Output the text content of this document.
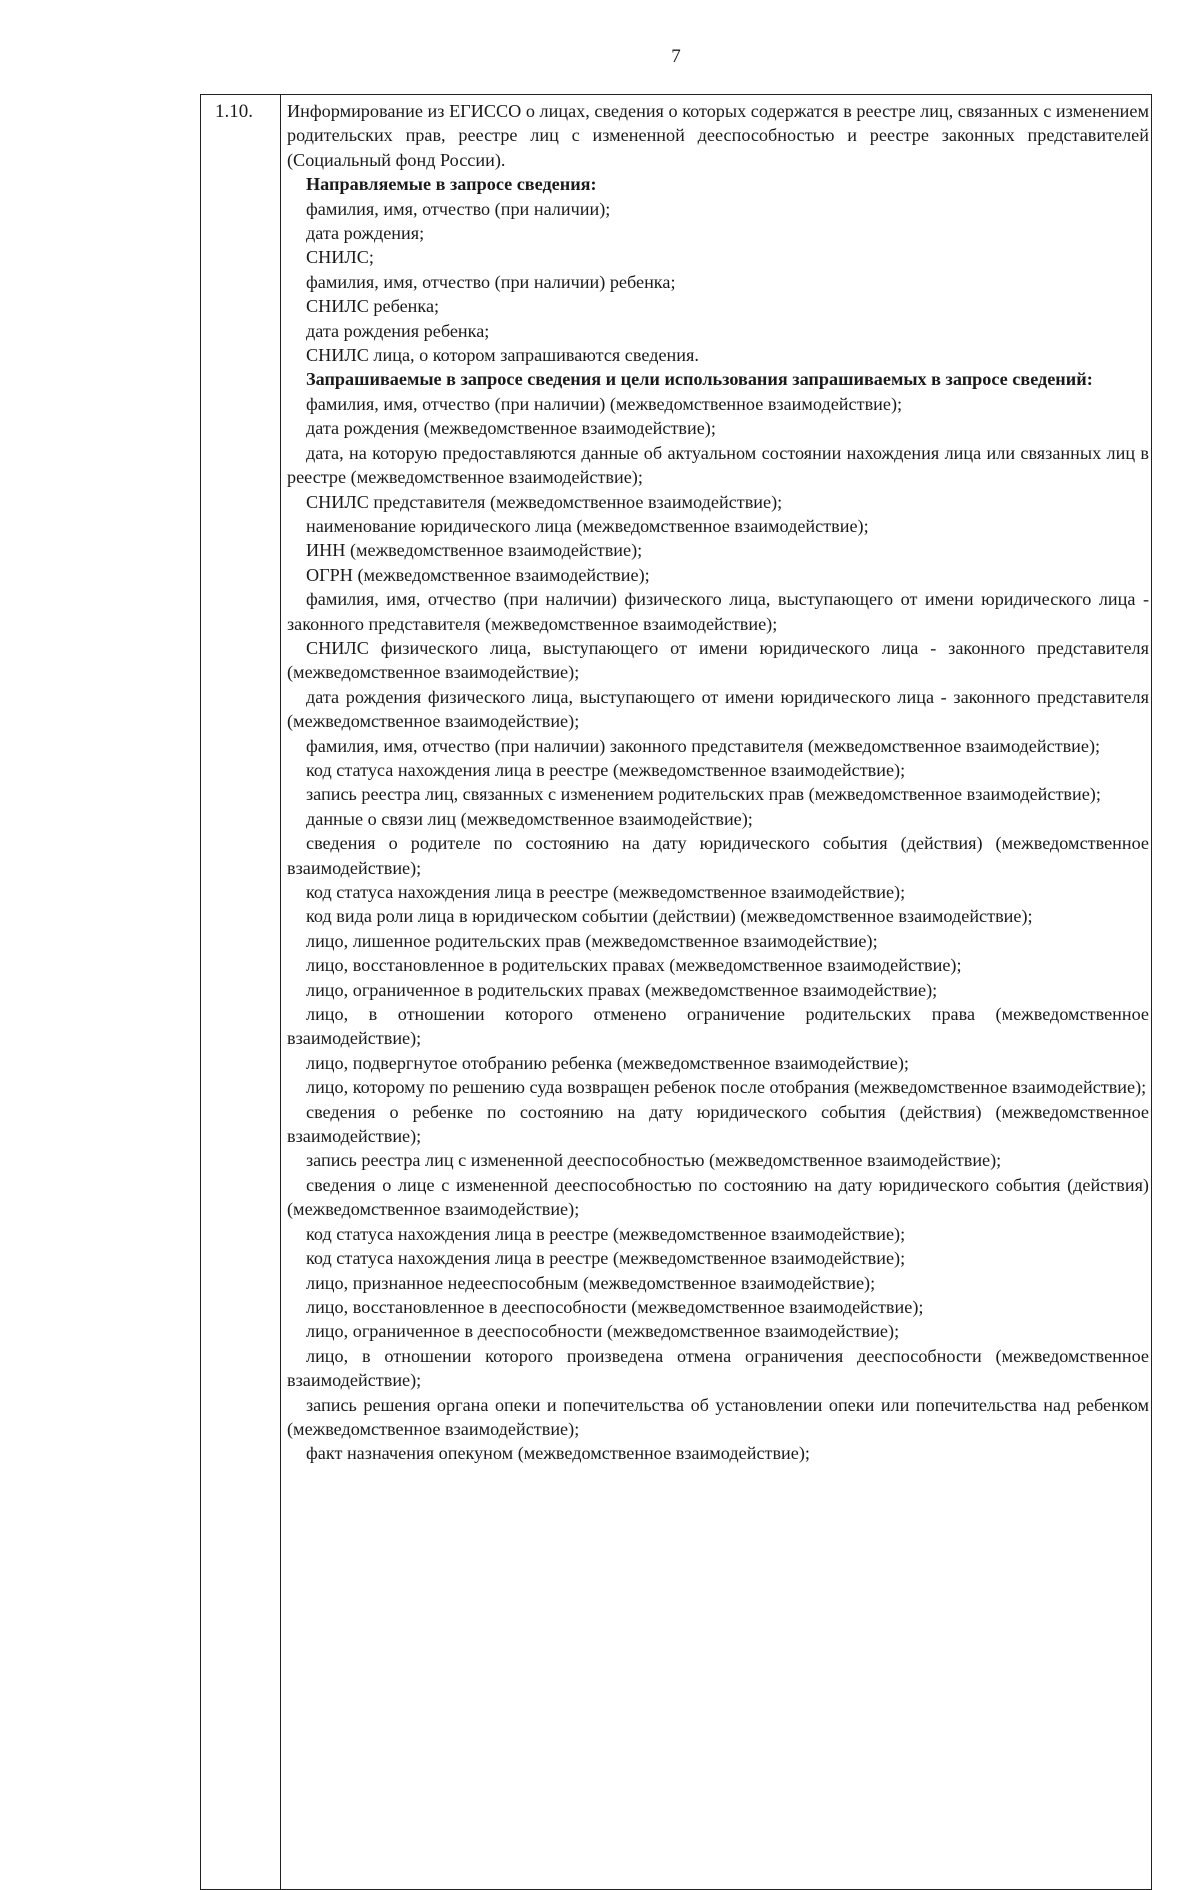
7
1.10. Информирование из ЕГИССО о лицах, сведения о которых содержатся в реестре лиц, связанных с изменением родительских прав, реестре лиц с измененной дееспособностью и реестре законных представителей (Социальный фонд России).

Направляемые в запросе сведения:

фамилия, имя, отчество (при наличии);

дата рождения;

СНИЛС;

фамилия, имя, отчество (при наличии) ребенка;

СНИЛС ребенка;

дата рождения ребенка;

СНИЛС лица, о котором запрашиваются сведения.

Запрашиваемые в запросе сведения и цели использования запрашиваемых в запросе сведений:

фамилия, имя, отчество (при наличии) (межведомственное взаимодействие);

дата рождения (межведомственное взаимодействие);

дата, на которую предоставляются данные об актуальном состоянии нахождения лица или связанных лиц в реестре (межведомственное взаимодействие);

СНИЛС представителя (межведомственное взаимодействие);

наименование юридического лица (межведомственное взаимодействие);

ИНН (межведомственное взаимодействие);

ОГРН (межведомственное взаимодействие);

фамилия, имя, отчество (при наличии) физического лица, выступающего от имени юридического лица - законного представителя (межведомственное взаимодействие);

СНИЛС физического лица, выступающего от имени юридического лица - законного представителя (межведомственное взаимодействие);

дата рождения физического лица, выступающего от имени юридического лица - законного представителя (межведомственное взаимодействие);

фамилия, имя, отчество (при наличии) законного представителя (межведомственное взаимодействие);

код статуса нахождения лица в реестре (межведомственное взаимодействие);

запись реестра лиц, связанных с изменением родительских прав (межведомственное взаимодействие);

данные о связи лиц (межведомственное взаимодействие);

сведения о родителе по состоянию на дату юридического события (действия) (межведомственное взаимодействие);

код статуса нахождения лица в реестре (межведомственное взаимодействие);

код вида роли лица в юридическом событии (действии) (межведомственное взаимодействие);

лицо, лишенное родительских прав (межведомственное взаимодействие);

лицо, восстановленное в родительских правах (межведомственное взаимодействие);

лицо, ограниченное в родительских правах (межведомственное взаимодействие);

лицо, в отношении которого отменено ограничение родительских права (межведомственное взаимодействие);

лицо, подвергнутое отобранию ребенка (межведомственное взаимодействие);

лицо, которому по решению суда возвращен ребенок после отобрания (межведомственное взаимодействие);

сведения о ребенке по состоянию на дату юридического события (действия) (межведомственное взаимодействие);

запись реестра лиц с измененной дееспособностью (межведомственное взаимодействие);

сведения о лице с измененной дееспособностью по состоянию на дату юридического события (действия) (межведомственное взаимодействие);

код статуса нахождения лица в реестре (межведомственное взаимодействие);

код статуса нахождения лица в реестре (межведомственное взаимодействие);

лицо, признанное недееспособным (межведомственное взаимодействие);

лицо, восстановленное в дееспособности (межведомственное взаимодействие);

лицо, ограниченное в дееспособности (межведомственное взаимодействие);

лицо, в отношении которого произведена отмена ограничения дееспособности (межведомственное взаимодействие);

запись решения органа опеки и попечительства об установлении опеки или попечительства над ребенком (межведомственное взаимодействие);

факт назначения опекуном (межведомственное взаимодействие);
